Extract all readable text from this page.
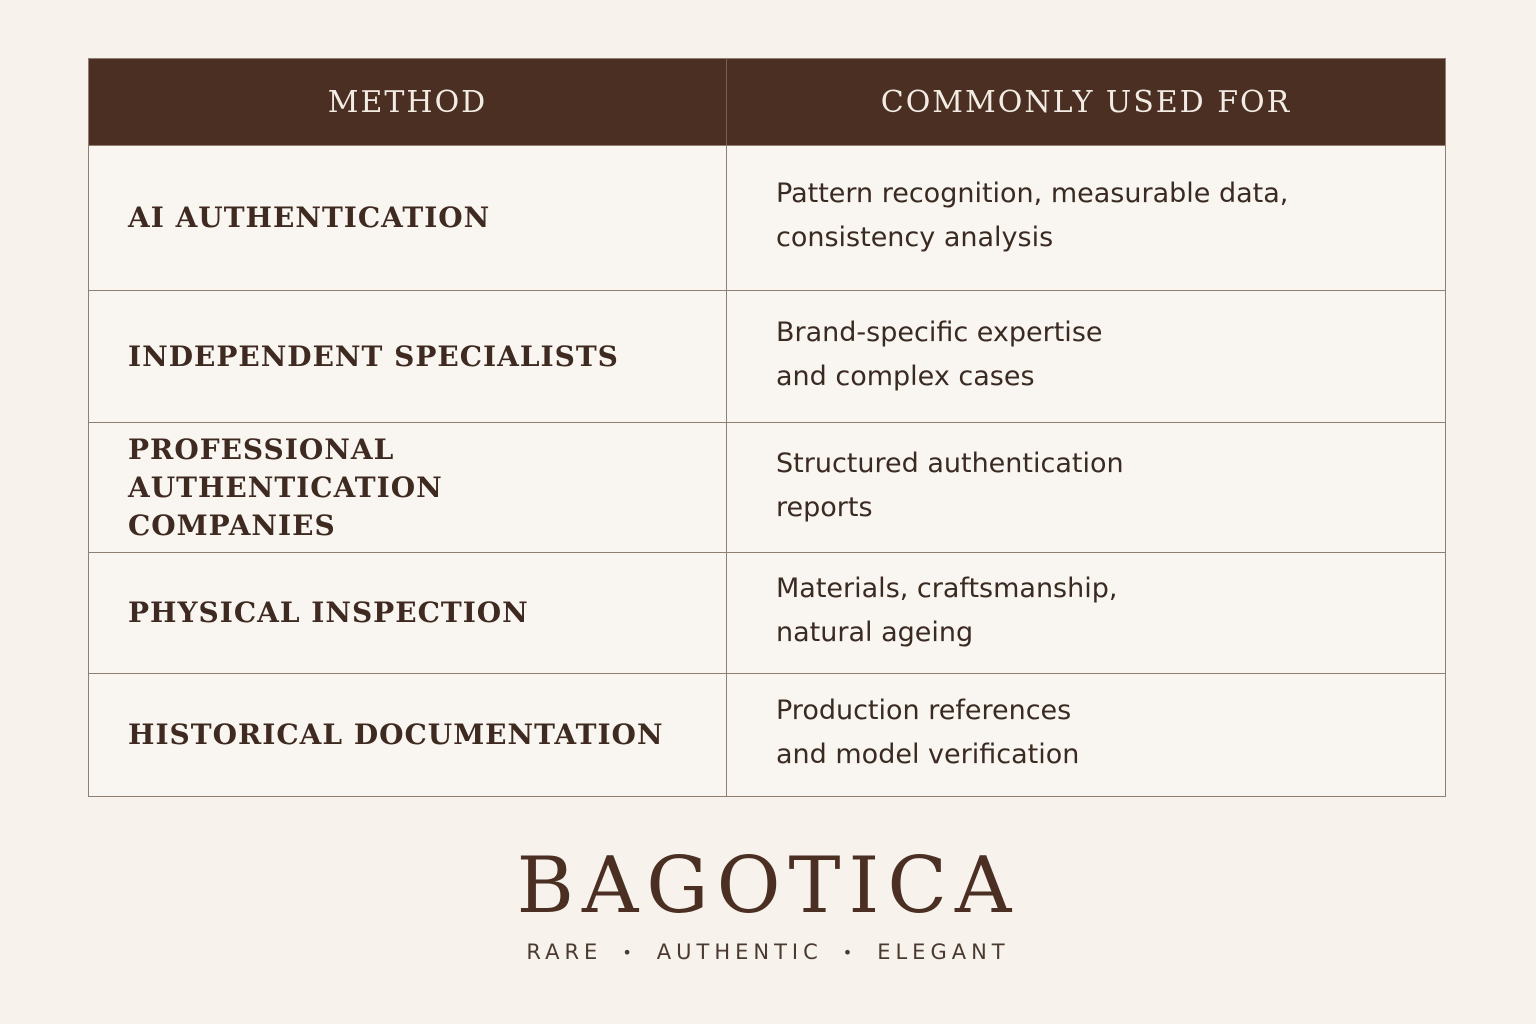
METHOD	COMMONLY USED FOR
AI AUTHENTICATION
Pattern recognition, measurable data,
consistency analysis
INDEPENDENT SPECIALISTS
Brand-specific expertise
and complex cases
PROFESSIONAL AUTHENTICATION
COMPANIES
Structured authentication
reports
PHYSICAL INSPECTION
Materials, craftsmanship,
natural ageing
HISTORICAL DOCUMENTATION
Production references
and model verification
BAGOTICA
RARE • AUTHENTIC • ELEGANT
